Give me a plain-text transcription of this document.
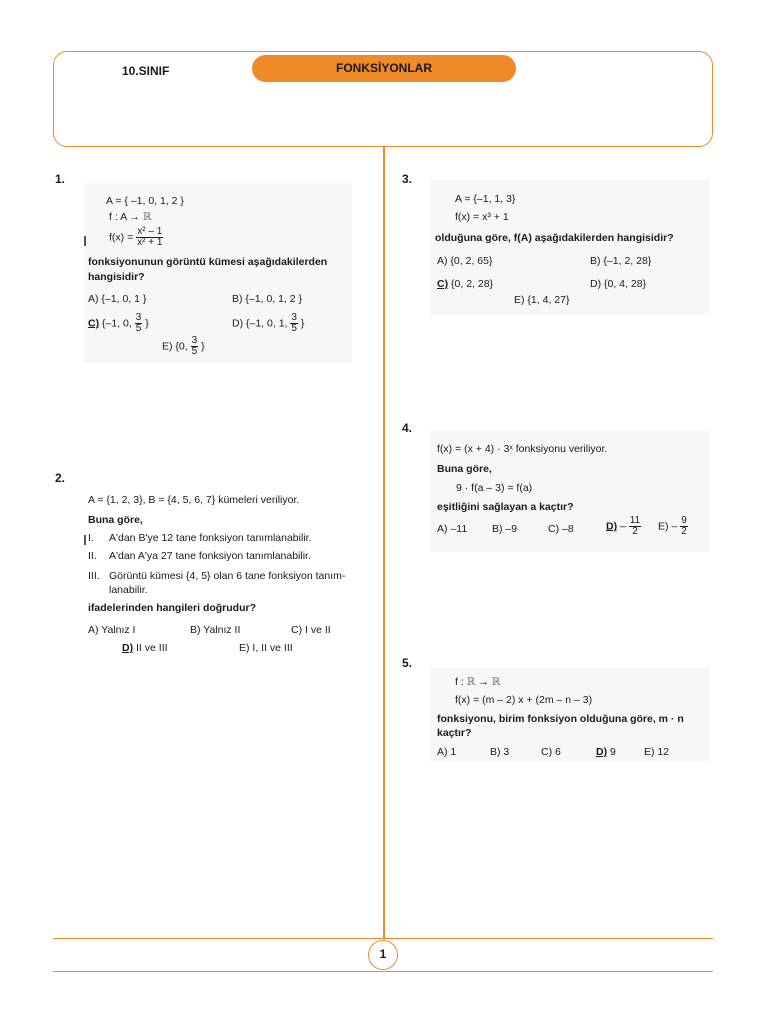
10.SINIF	FONKSİYONLAR
1
1.
A = { –1, 0, 1, 2 }
f : A → ℝ
$f(x) = \frac{\text{x² – 1}}{\text{x² + 1}}$
fonksiyonunun görüntü kümesi aşağıdakilerden
hangisidir?
A) {–1, 0, 1 }	B) {–1, 0, 1, 2 }
C) {–1, 0, $\frac{3}{5}$ }	D) {–1, 0, 1, $\frac{3}{5}$ }
E) {0, $\frac{3}{5}$ }
2.
A = {1, 2, 3}, B = {4, 5, 6, 7} kümeleri veriliyor.
Buna göre,
I. A'dan B'ye 12 tane fonksiyon tanımlanabilir.
II. A'dan A'ya 27 tane fonksiyon tanımlanabilir.
III. Görüntü kümesi {4, 5} olan 6 tane fonksiyon tanım-
lanabilir.
ifadelerinden hangileri doğrudur?
A) Yalnız I	B) Yalnız II	C) I ve II
D) II ve III	E) I, II ve III
3.
A = {–1, 1, 3}
f(x) = x³ + 1
olduğuna göre, f(A) aşağıdakilerden hangisidir?
A) {0, 2, 65}	B) {–1, 2, 28}
C) {0, 2, 28}	D) {0, 4, 28}
E) {1, 4, 27}
4.
f(x) = (x + 4) · 3ˣ fonksiyonu veriliyor.
Buna göre,
9 · f(a – 3) = f(a)
eşitliğini sağlayan a kaçtır?
A) –11 B) –9	C) –8	$D) - \frac{11}{2} E) - \frac{9}{2}$
5.
f : ℝ → ℝ
f(x) = (m – 2) x + (2m – n – 3)
fonksiyonu, birim fonksiyon olduğuna göre, m · n
kaçtır?
A) 1	B) 3	C) 6	D) 9	E) 12
